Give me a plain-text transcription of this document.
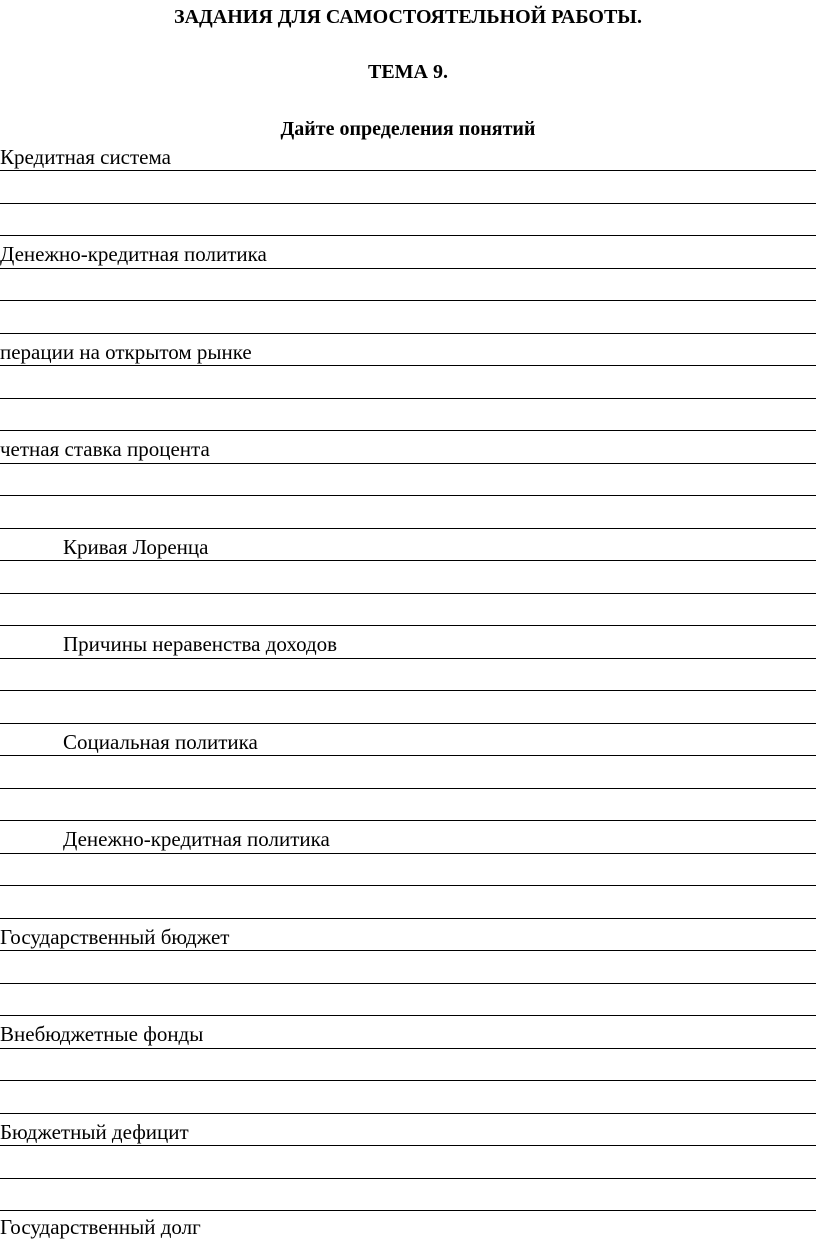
ЗАДАНИЯ ДЛЯ САМОСТОЯТЕЛЬНОЙ РАБОТЫ.
ТЕМА 9.
Дайте определения понятий
Кредитная система
Денежно-кредитная политика
перации на открытом рынке
четная ставка процента
Кривая Лоренца
Причины неравенства доходов
Социальная политика
Денежно-кредитная политика
Государственный бюджет
Внебюджетные фонды
Бюджетный дефицит
Государственный долг
